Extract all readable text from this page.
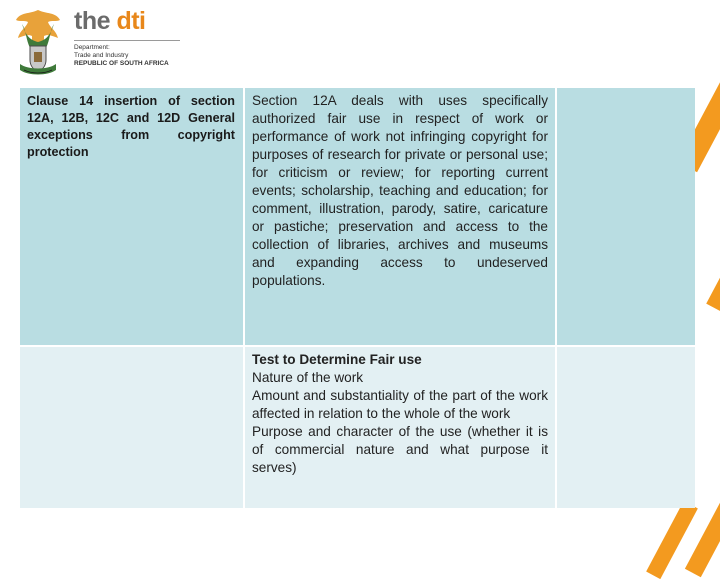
the dti
Department:
Trade and Industry
REPUBLIC OF SOUTH AFRICA
Clause 14 insertion of section 12A, 12B, 12C and 12D General exceptions from copyright protection
Section 12A deals with uses specifically authorized fair use in respect of work or performance of work not infringing copyright for purposes of research for private or personal use; for criticism or review; for reporting current events; scholarship, teaching and education; for comment, illustration, parody, satire, caricature or pastiche; preservation and access to the collection of libraries, archives and museums and expanding access to undeserved populations.
Test to Determine Fair use
Nature of the work
Amount and substantiality of the part of the work affected in relation to the whole of the work
Purpose and character of the use (whether it is of commercial nature and what purpose it serves)
